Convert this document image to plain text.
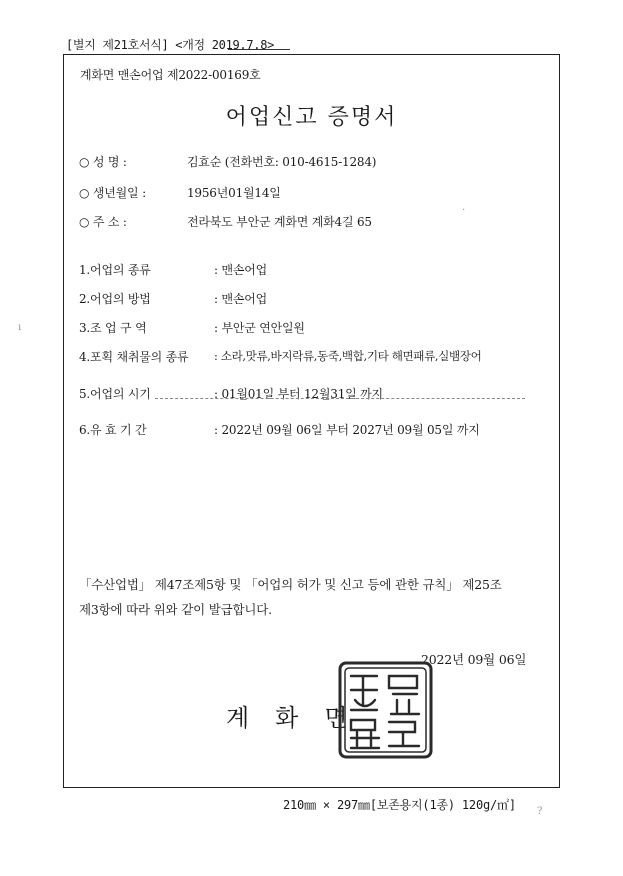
[별지 제21호서식] <개정 2019.7.8>
계화면 맨손어업 제2022-00169호
어업신고 증명서
○ 성 명 :	김효순 (전화번호: 010-4615-1284)
○ 생년월일 :	1956년01월14일
○ 주 소 :	전라북도 부안군 계화면 계화4길 65
1.어업의 종류	: 맨손어업
2.어업의 방법	: 맨손어업
3.조 업 구 역	: 부안군 연안일원
4.포획 채취물의 종류 : 소라,맛류,바지락류,동죽,백합,기타 해면패류,실뱀장어
5.어업의 시기	: 01월01일 부터 12월31일 까지
6.유 효 기 간	: 2022년 09월 06일 부터 2027년 09월 05일 까지
「수산업법」 제47조제5항 및 「어업의 허가 및 신고 등에 관한 규칙」 제25조
제3항에 따라 위와 같이 발급합니다.
2022년 09월 06일
계화면
210㎜ × 297㎜[보존용지(1종) 120g/㎡]
ı
?
·
